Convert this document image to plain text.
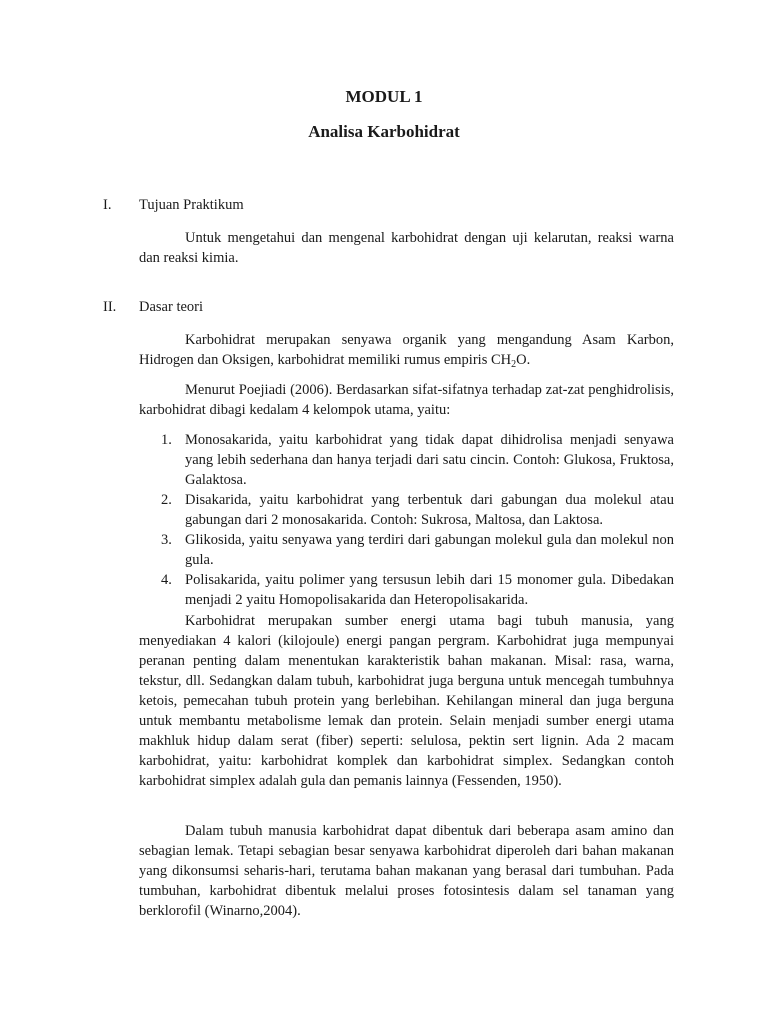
MODUL 1
Analisa Karbohidrat
I. Tujuan Praktikum

Untuk mengetahui dan mengenal karbohidrat dengan uji kelarutan, reaksi warna dan reaksi kimia.

II. Dasar teori

Karbohidrat merupakan senyawa organik yang mengandung Asam Karbon, Hidrogen dan Oksigen, karbohidrat memiliki rumus empiris $CH_2O$.

Menurut Poejiadi (2006). Berdasarkan sifat-sifatnya terhadap zat-zat penghidrolisis, karbohidrat dibagi kedalam 4 kelompok utama, yaitu:

1. Monosakarida, yaitu karbohidrat yang tidak dapat dihidrolisa menjadi senyawa yang lebih sederhana dan hanya terjadi dari satu cincin. Contoh: Glukosa, Fruktosa, Galaktosa.
2. Disakarida, yaitu karbohidrat yang terbentuk dari gabungan dua molekul atau gabungan dari 2 monosakarida. Contoh: Sukrosa, Maltosa, dan Laktosa.
3. Glikosida, yaitu senyawa yang terdiri dari gabungan molekul gula dan molekul non gula.
4. Polisakarida, yaitu polimer yang tersusun lebih dari 15 monomer gula. Dibedakan menjadi 2 yaitu Homopolisakarida dan Heteropolisakarida.

Karbohidrat merupakan sumber energi utama bagi tubuh manusia, yang menyediakan 4 kalori (kilojoule) energi pangan pergram. Karbohidrat juga mempunyai peranan penting dalam menentukan karakteristik bahan makanan. Misal: rasa, warna, tekstur, dll. Sedangkan dalam tubuh, karbohidrat juga berguna untuk mencegah tumbuhnya ketois, pemecahan tubuh protein yang berlebihan. Kehilangan mineral dan juga berguna untuk membantu metabolisme lemak dan protein. Selain menjadi sumber energi utama makhluk hidup dalam serat (fiber) seperti: selulosa, pektin sert lignin. Ada 2 macam karbohidrat, yaitu: karbohidrat komplek dan karbohidrat simplex. Sedangkan contoh karbohidrat simplex adalah gula dan pemanis lainnya (Fessenden, 1950).

Dalam tubuh manusia karbohidrat dapat dibentuk dari beberapa asam amino dan sebagian lemak. Tetapi sebagian besar senyawa karbohidrat diperoleh dari bahan makanan yang dikonsumsi seharis-hari, terutama bahan makanan yang berasal dari tumbuhan. Pada tumbuhan, karbohidrat dibentuk melalui proses fotosintesis dalam sel tanaman yang berklorofil (Winarno,2004).
